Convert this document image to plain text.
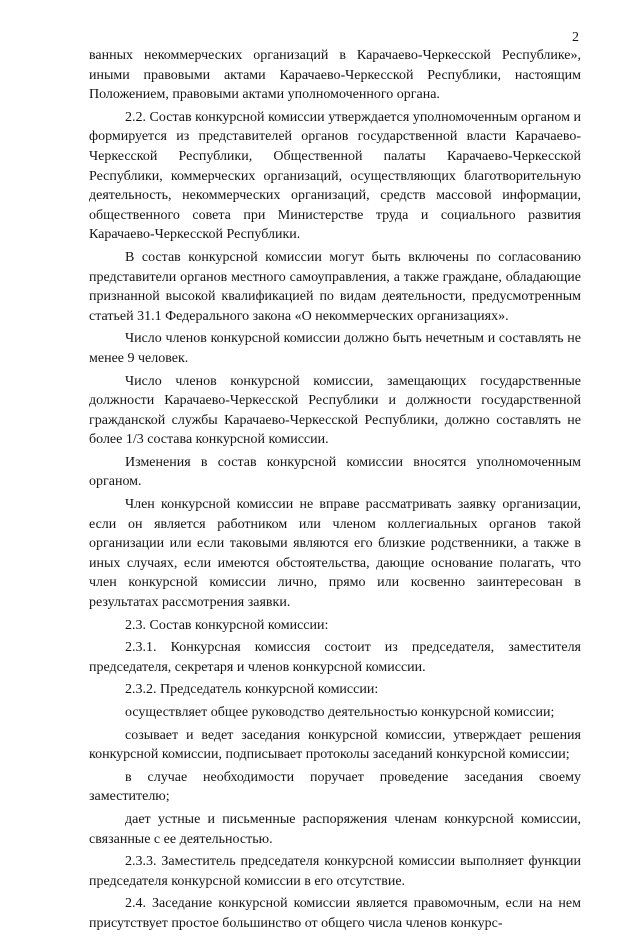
2

ванных некоммерческих организаций в Карачаево-Черкесской Республике», иными правовыми актами Карачаево-Черкесской Республики, настоящим Положением, правовыми актами уполномоченного органа.

2.2. Состав конкурсной комиссии утверждается уполномоченным органом и формируется из представителей органов государственной власти Карачаево-Черкесской Республики, Общественной палаты Карачаево-Черкесской Республики, коммерческих организаций, осуществляющих благотворительную деятельность, некоммерческих организаций, средств массовой информации, общественного совета при Министерстве труда и социального развития Карачаево-Черкесской Республики.

В состав конкурсной комиссии могут быть включены по согласованию представители органов местного самоуправления, а также граждане, обладающие признанной высокой квалификацией по видам деятельности, предусмотренным статьей 31.1 Федерального закона «О некоммерческих организациях».

Число членов конкурсной комиссии должно быть нечетным и составлять не менее 9 человек.

Число членов конкурсной комиссии, замещающих государственные должности Карачаево-Черкесской Республики и должности государственной гражданской службы Карачаево-Черкесской Республики, должно составлять не более 1/3 состава конкурсной комиссии.

Изменения в состав конкурсной комиссии вносятся уполномоченным органом.

Член конкурсной комиссии не вправе рассматривать заявку организации, если он является работником или членом коллегиальных органов такой организации или если таковыми являются его близкие родственники, а также в иных случаях, если имеются обстоятельства, дающие основание полагать, что член конкурсной комиссии лично, прямо или косвенно заинтересован в результатах рассмотрения заявки.

2.3. Состав конкурсной комиссии:

2.3.1. Конкурсная комиссия состоит из председателя, заместителя председателя, секретаря и членов конкурсной комиссии.

2.3.2. Председатель конкурсной комиссии:

осуществляет общее руководство деятельностью конкурсной комиссии;

созывает и ведет заседания конкурсной комиссии, утверждает решения конкурсной комиссии, подписывает протоколы заседаний конкурсной комиссии;

в случае необходимости поручает проведение заседания своему заместителю;

дает устные и письменные распоряжения членам конкурсной комиссии, связанные с ее деятельностью.

2.3.3. Заместитель председателя конкурсной комиссии выполняет функции председателя конкурсной комиссии в его отсутствие.

2.4. Заседание конкурсной комиссии является правомочным, если на нем присутствует простое большинство от общего числа членов конкурс-
